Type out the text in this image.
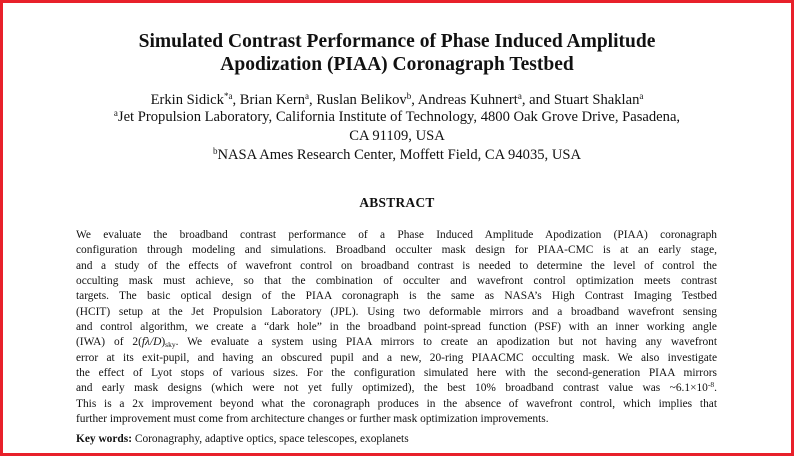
Simulated Contrast Performance of Phase Induced Amplitude
Apodization (PIAA) Coronagraph Testbed
Erkin Sidick$^{*a}$, Brian Kern$^a$, Ruslan Belikov$^b$, Andreas Kuhnert$^a$, and Stuart Shaklan$^a$
$^a$Jet Propulsion Laboratory, California Institute of Technology, 4800 Oak Grove Drive, Pasadena,
CA 91109, USA
$^b$NASA Ames Research Center, Moffett Field, CA 94035, USA
ABSTRACT
We evaluate the broadband contrast performance of a Phase Induced Amplitude Apodization (PIAA) coronagraph
configuration through modeling and simulations. Broadband occulter mask design for PIAA-CMC is at an early stage,
and a study of the effects of wavefront control on broadband contrast is needed to determine the level of control the
occulting mask must achieve, so that the combination of occulter and wavefront control optimization meets contrast
targets. The basic optical design of the PIAA coronagraph is the same as NASA’s High Contrast Imaging Testbed
(HCIT) setup at the Jet Propulsion Laboratory (JPL). Using two deformable mirrors and a broadband wavefront sensing
and control algorithm, we create a “dark hole” in the broadband point-spread function (PSF) with an inner working angle
(IWA) of $2(f\lambda/D)_{sky}$. We evaluate a system using PIAA mirrors to create an apodization but not having any wavefront
error at its exit-pupil, and having an obscured pupil and a new, 20-ring PIAACMC occulting mask. We also investigate
the effect of Lyot stops of various sizes. For the configuration simulated here with the second-generation PIAA mirrors
and early mask designs (which were not yet fully optimized), the best 10% broadband contrast value was $\sim 6.1\times 10^{-8}$.
This is a 2x improvement beyond what the coronagraph produces in the absence of wavefront control, which implies that
further improvement must come from architecture changes or further mask optimization improvements.
Key words: Coronagraphy, adaptive optics, space telescopes, exoplanets
